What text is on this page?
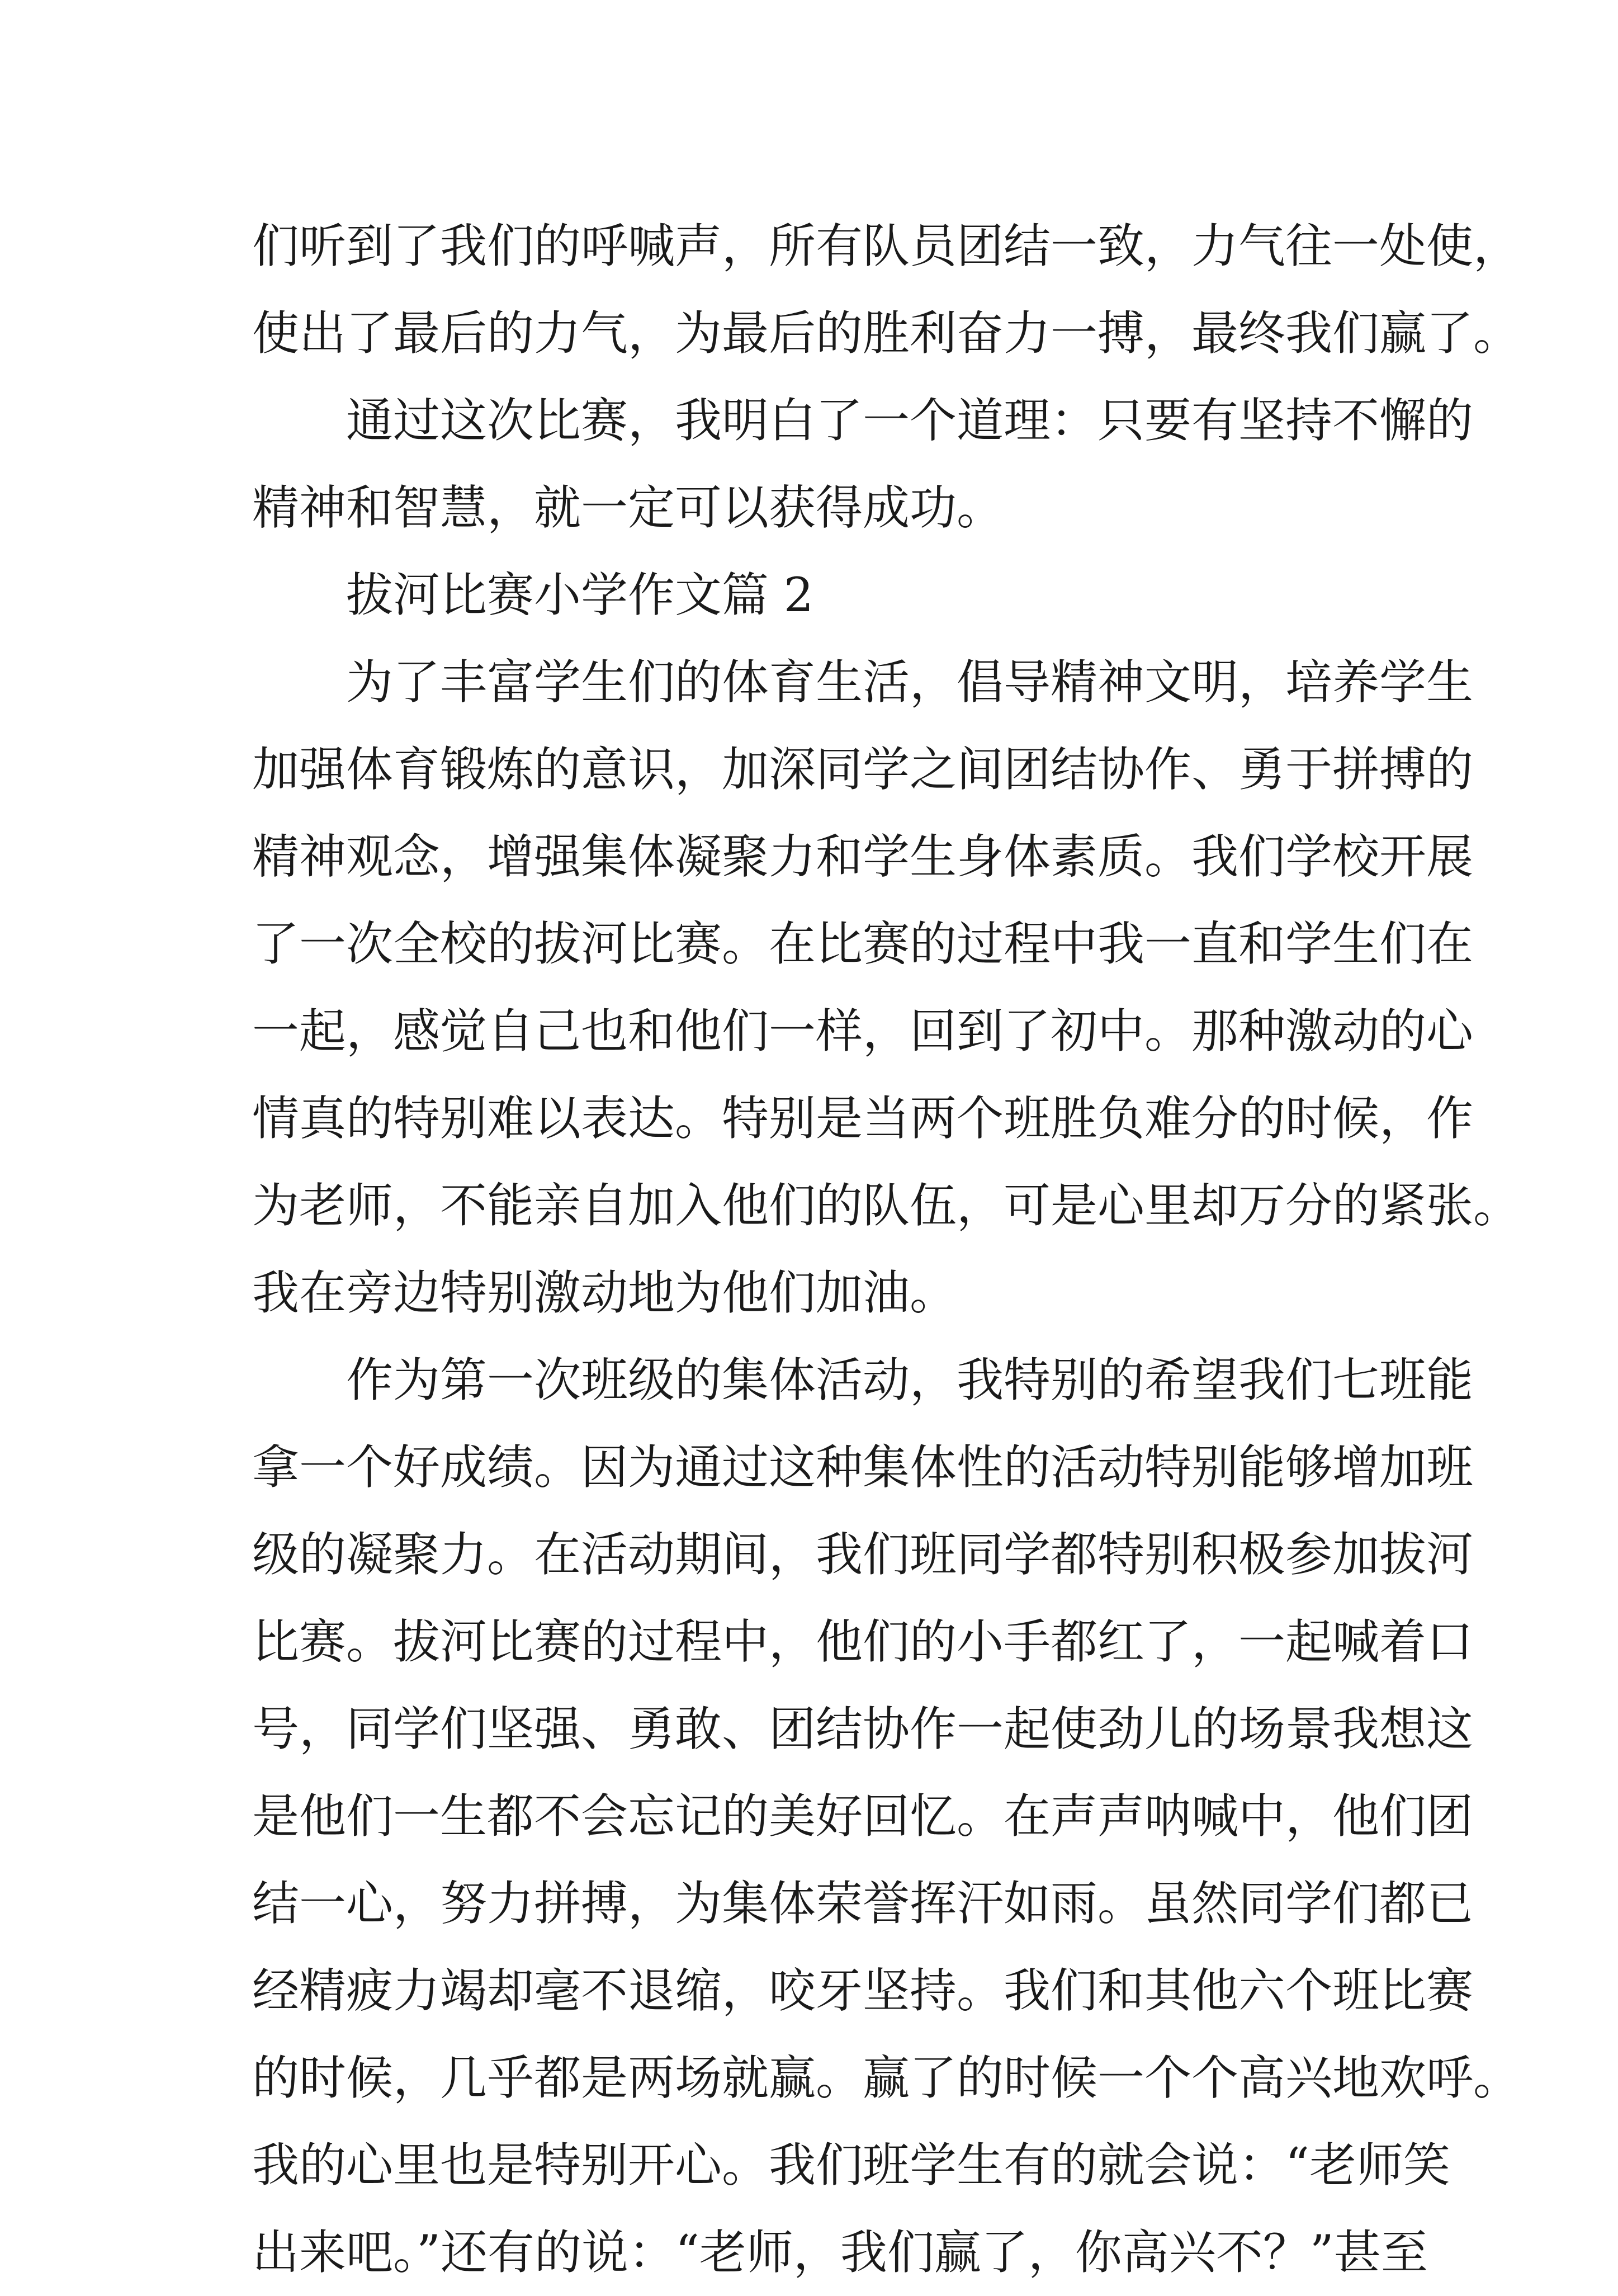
们听到了我们的呼喊声，所有队员团结一致，力气往一处使，
使出了最后的力气，为最后的胜利奋力一搏，最终我们赢了。
通过这次比赛，我明白了一个道理：只要有坚持不懈的
精神和智慧，就一定可以获得成功。
拔河比赛小学作文篇 2
为了丰富学生们的体育生活，倡导精神文明，培养学生
加强体育锻炼的意识，加深同学之间团结协作、勇于拼搏的
精神观念，增强集体凝聚力和学生身体素质。我们学校开展
了一次全校的拔河比赛。在比赛的过程中我一直和学生们在
一起，感觉自己也和他们一样，回到了初中。那种激动的心
情真的特别难以表达。特别是当两个班胜负难分的时候，作
为老师，不能亲自加入他们的队伍，可是心里却万分的紧张。
我在旁边特别激动地为他们加油。
作为第一次班级的集体活动，我特别的希望我们七班能
拿一个好成绩。因为通过这种集体性的活动特别能够增加班
级的凝聚力。在活动期间，我们班同学都特别积极参加拔河
比赛。拔河比赛的过程中，他们的小手都红了，一起喊着口
号，同学们坚强、勇敢、团结协作一起使劲儿的场景我想这
是他们一生都不会忘记的美好回忆。在声声呐喊中，他们团
结一心，努力拼搏，为集体荣誉挥汗如雨。虽然同学们都已
经精疲力竭却毫不退缩，咬牙坚持。我们和其他六个班比赛
的时候，几乎都是两场就赢。赢了的时候一个个高兴地欢呼。
我的心里也是特别开心。我们班学生有的就会说：“老师笑
出来吧。”还有的说：“老师，我们赢了，你高兴不？”甚至
